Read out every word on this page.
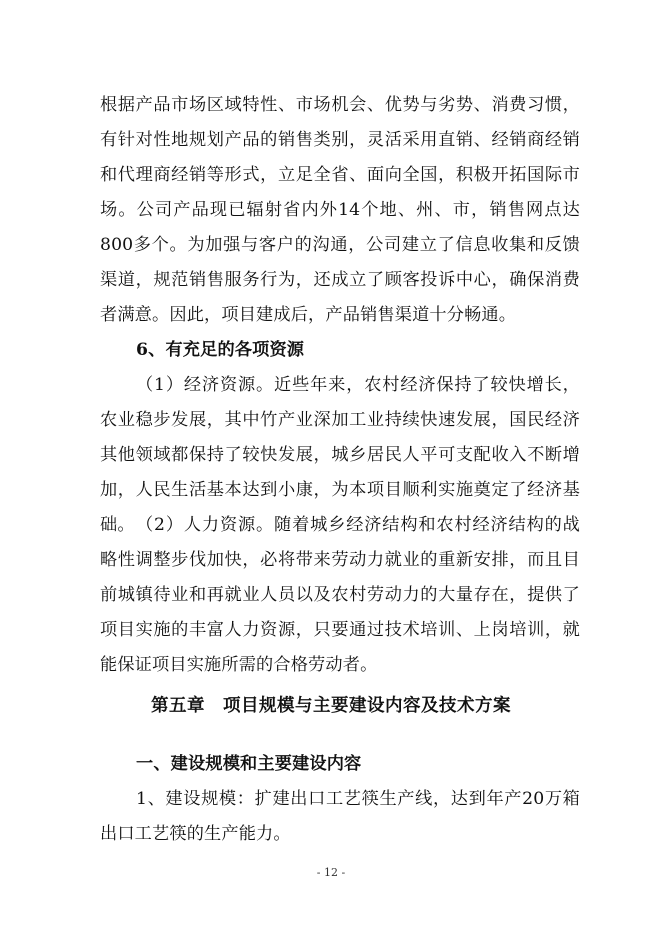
根据产品市场区域特性、市场机会、优势与劣势、消费习惯，有针对性地规划产品的销售类别，灵活采用直销、经销商经销和代理商经销等形式，立足全省、面向全国，积极开拓国际市场。公司产品现已辐射省内外14个地、州、市，销售网点达800多个。为加强与客户的沟通，公司建立了信息收集和反馈渠道，规范销售服务行为，还成立了顾客投诉中心，确保消费者满意。因此，项目建成后，产品销售渠道十分畅通。

6、有充足的各项资源

（1）经济资源。近些年来，农村经济保持了较快增长，农业稳步发展，其中竹产业深加工业持续快速发展，国民经济其他领域都保持了较快发展，城乡居民人平可支配收入不断增加，人民生活基本达到小康，为本项目顺利实施奠定了经济基础。 （2）人力资源。随着城乡经济结构和农村经济结构的战略性调整步伐加快，必将带来劳动力就业的重新安排，而且目前城镇待业和再就业人员以及农村劳动力的大量存在，提供了项目实施的丰富人力资源，只要通过技术培训、上岗培训，就能保证项目实施所需的合格劳动者。

第五章　项目规模与主要建设内容及技术方案

一、建设规模和主要建设内容

1、建设规模：扩建出口工艺筷生产线，达到年产20万箱出口工艺筷的生产能力。

- 12 -
